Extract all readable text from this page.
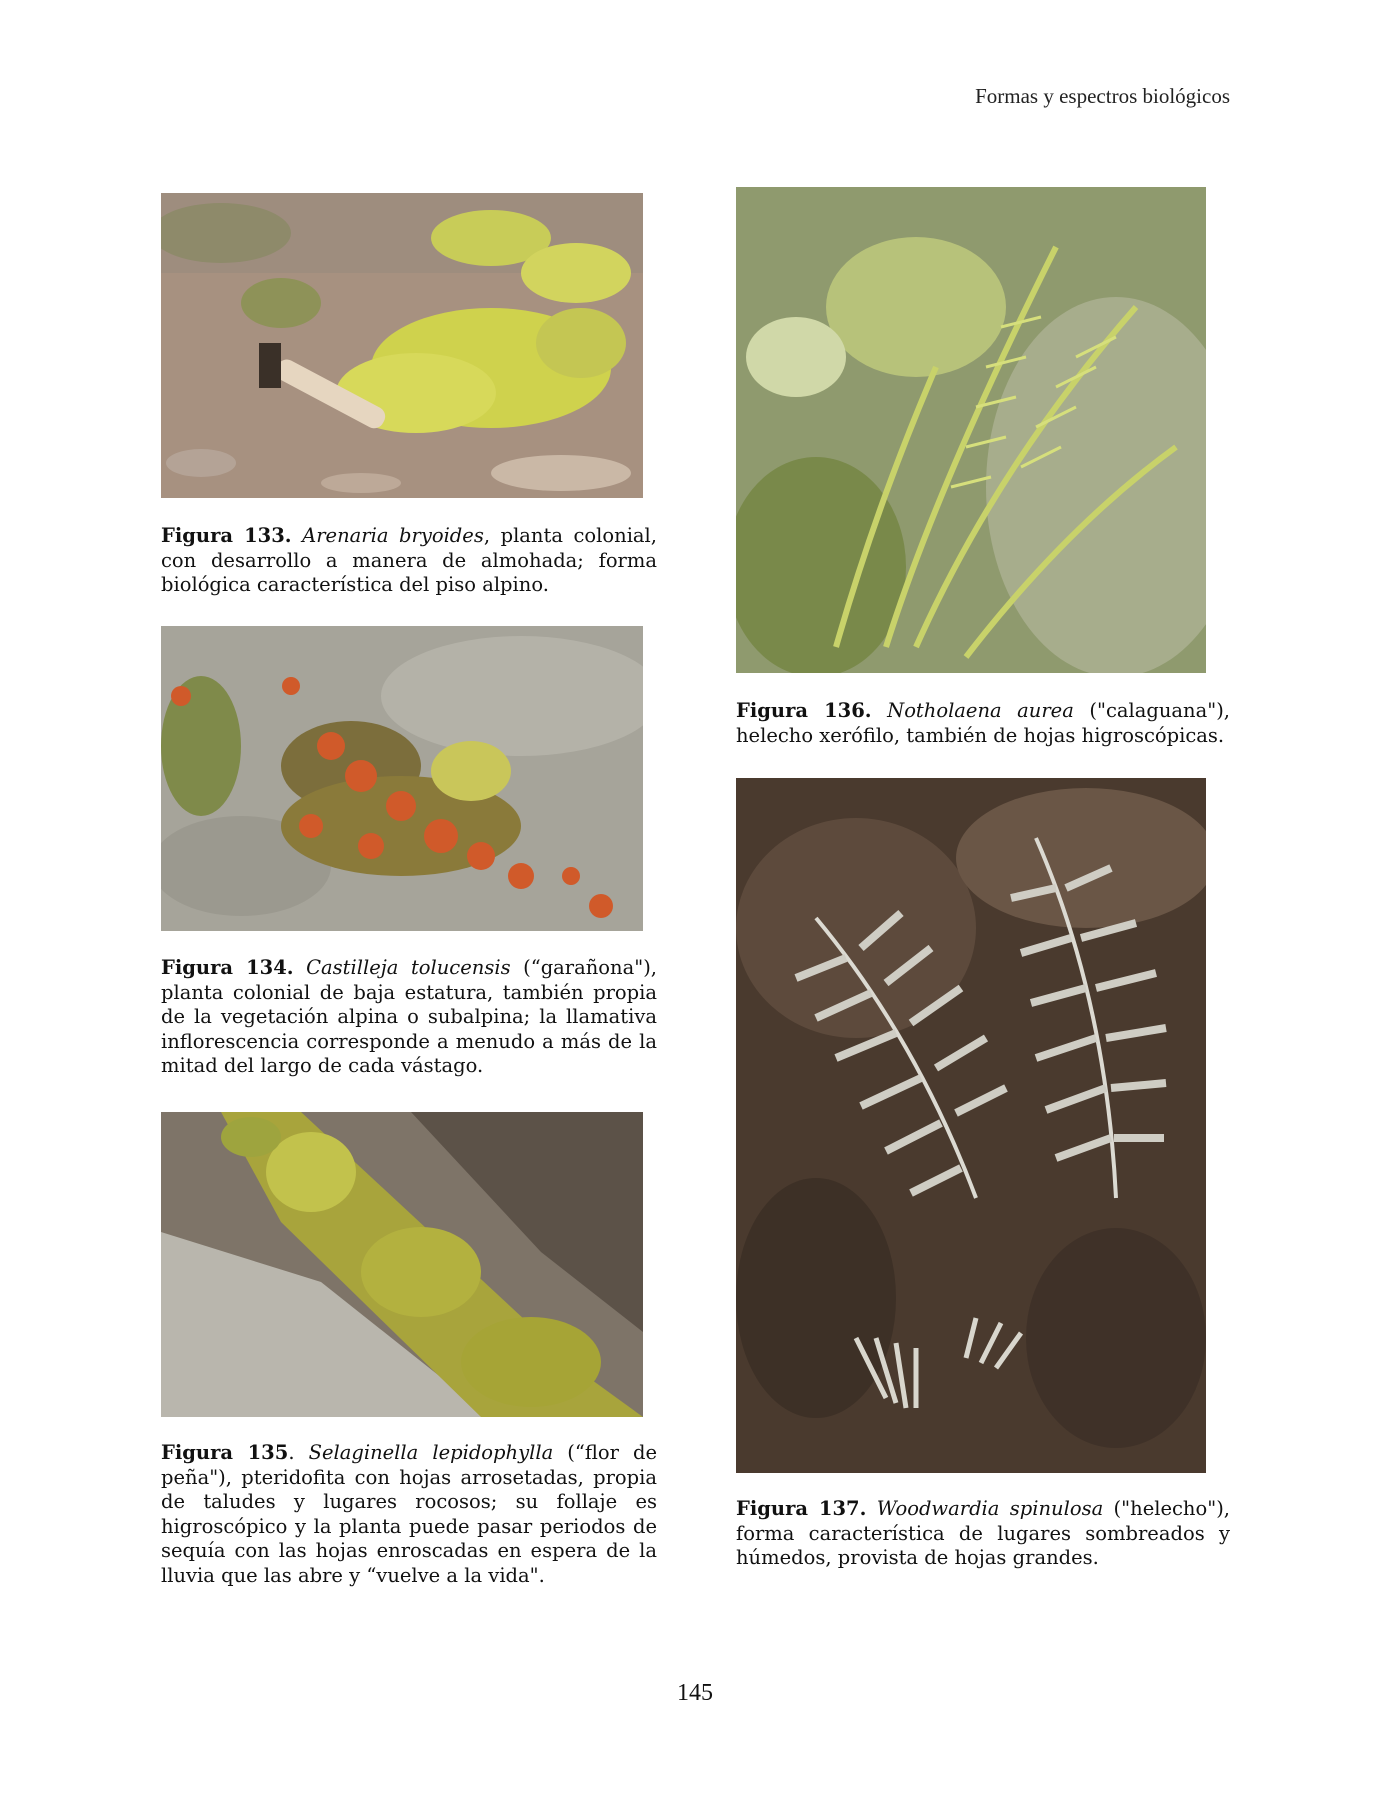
Formas y espectros biológicos
Figura 133. Arenaria bryoides, planta colonial, con desarrollo a manera de almohada; forma biológica característica del piso alpino.
Figura 134. Castilleja tolucensis (“garañona"), planta colonial de baja estatura, también propia de la vegetación alpina o subalpina; la llamativa inflorescencia corresponde a menudo a más de la mitad del largo de cada vástago.
Figura 135. Selaginella lepidophylla (“flor de peña"), pteridofita con hojas arrosetadas, propia de taludes y lugares rocosos; su follaje es higroscópico y la planta puede pasar periodos de sequía con las hojas enroscadas en espera de la lluvia que las abre y “vuelve a la vida".
Figura 136. Notholaena aurea ("calaguana"), helecho xerófilo, también de hojas higroscópicas.
Figura 137. Woodwardia spinulosa ("helecho"), forma característica de lugares sombreados y húmedos, provista de hojas grandes.
145
